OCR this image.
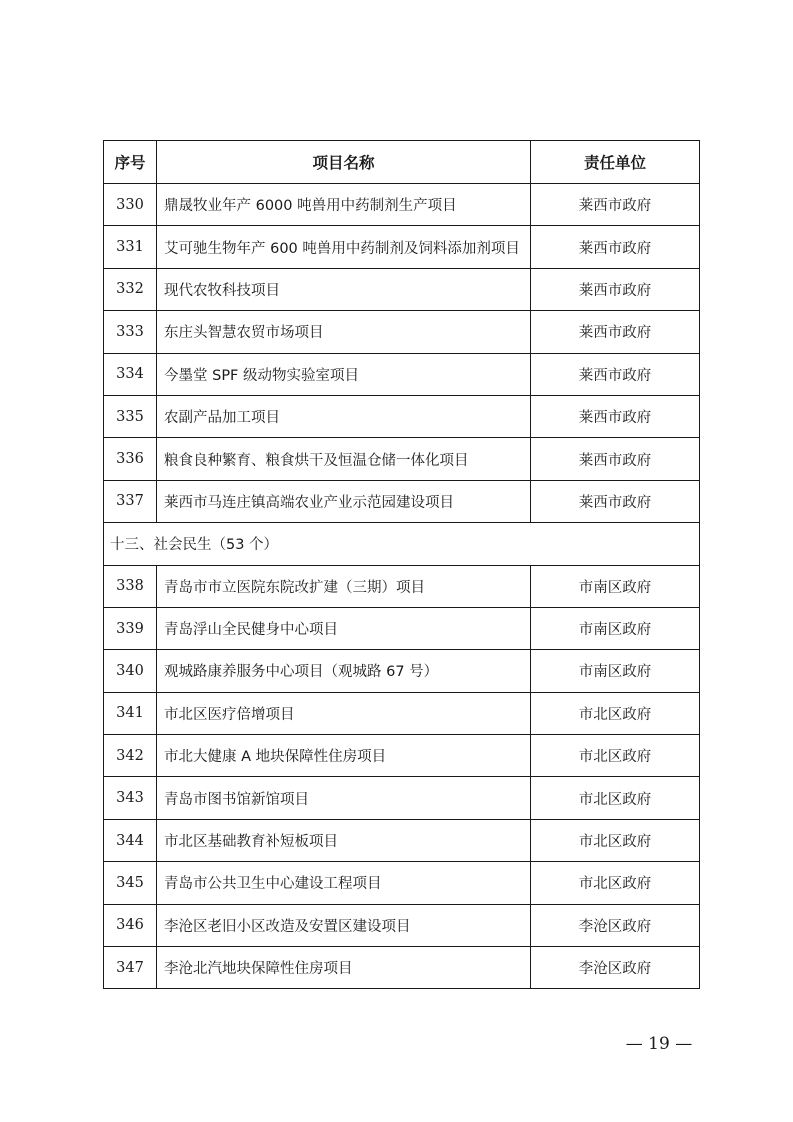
序号	项目名称	责任单位
330	鼎晟牧业年产 6000 吨兽用中药制剂生产项目	莱西市政府
331	艾可驰生物年产 600 吨兽用中药制剂及饲料添加剂项目	莱西市政府
332	现代农牧科技项目	莱西市政府
333	东庄头智慧农贸市场项目	莱西市政府
334	今墨堂 SPF 级动物实验室项目	莱西市政府
335	农副产品加工项目	莱西市政府
336	粮食良种繁育、粮食烘干及恒温仓储一体化项目	莱西市政府
337	莱西市马连庄镇高端农业产业示范园建设项目	莱西市政府
十三、社会民生（53 个）		
338	青岛市市立医院东院改扩建（三期）项目	市南区政府
339	青岛浮山全民健身中心项目	市南区政府
340	观城路康养服务中心项目（观城路 67 号）	市南区政府
341	市北区医疗倍增项目	市北区政府
342	市北大健康 A 地块保障性住房项目	市北区政府
343	青岛市图书馆新馆项目	市北区政府
344	市北区基础教育补短板项目	市北区政府
345	青岛市公共卫生中心建设工程项目	市北区政府
346	李沧区老旧小区改造及安置区建设项目	李沧区政府
347	李沧北汽地块保障性住房项目	李沧区政府
— 19 —
